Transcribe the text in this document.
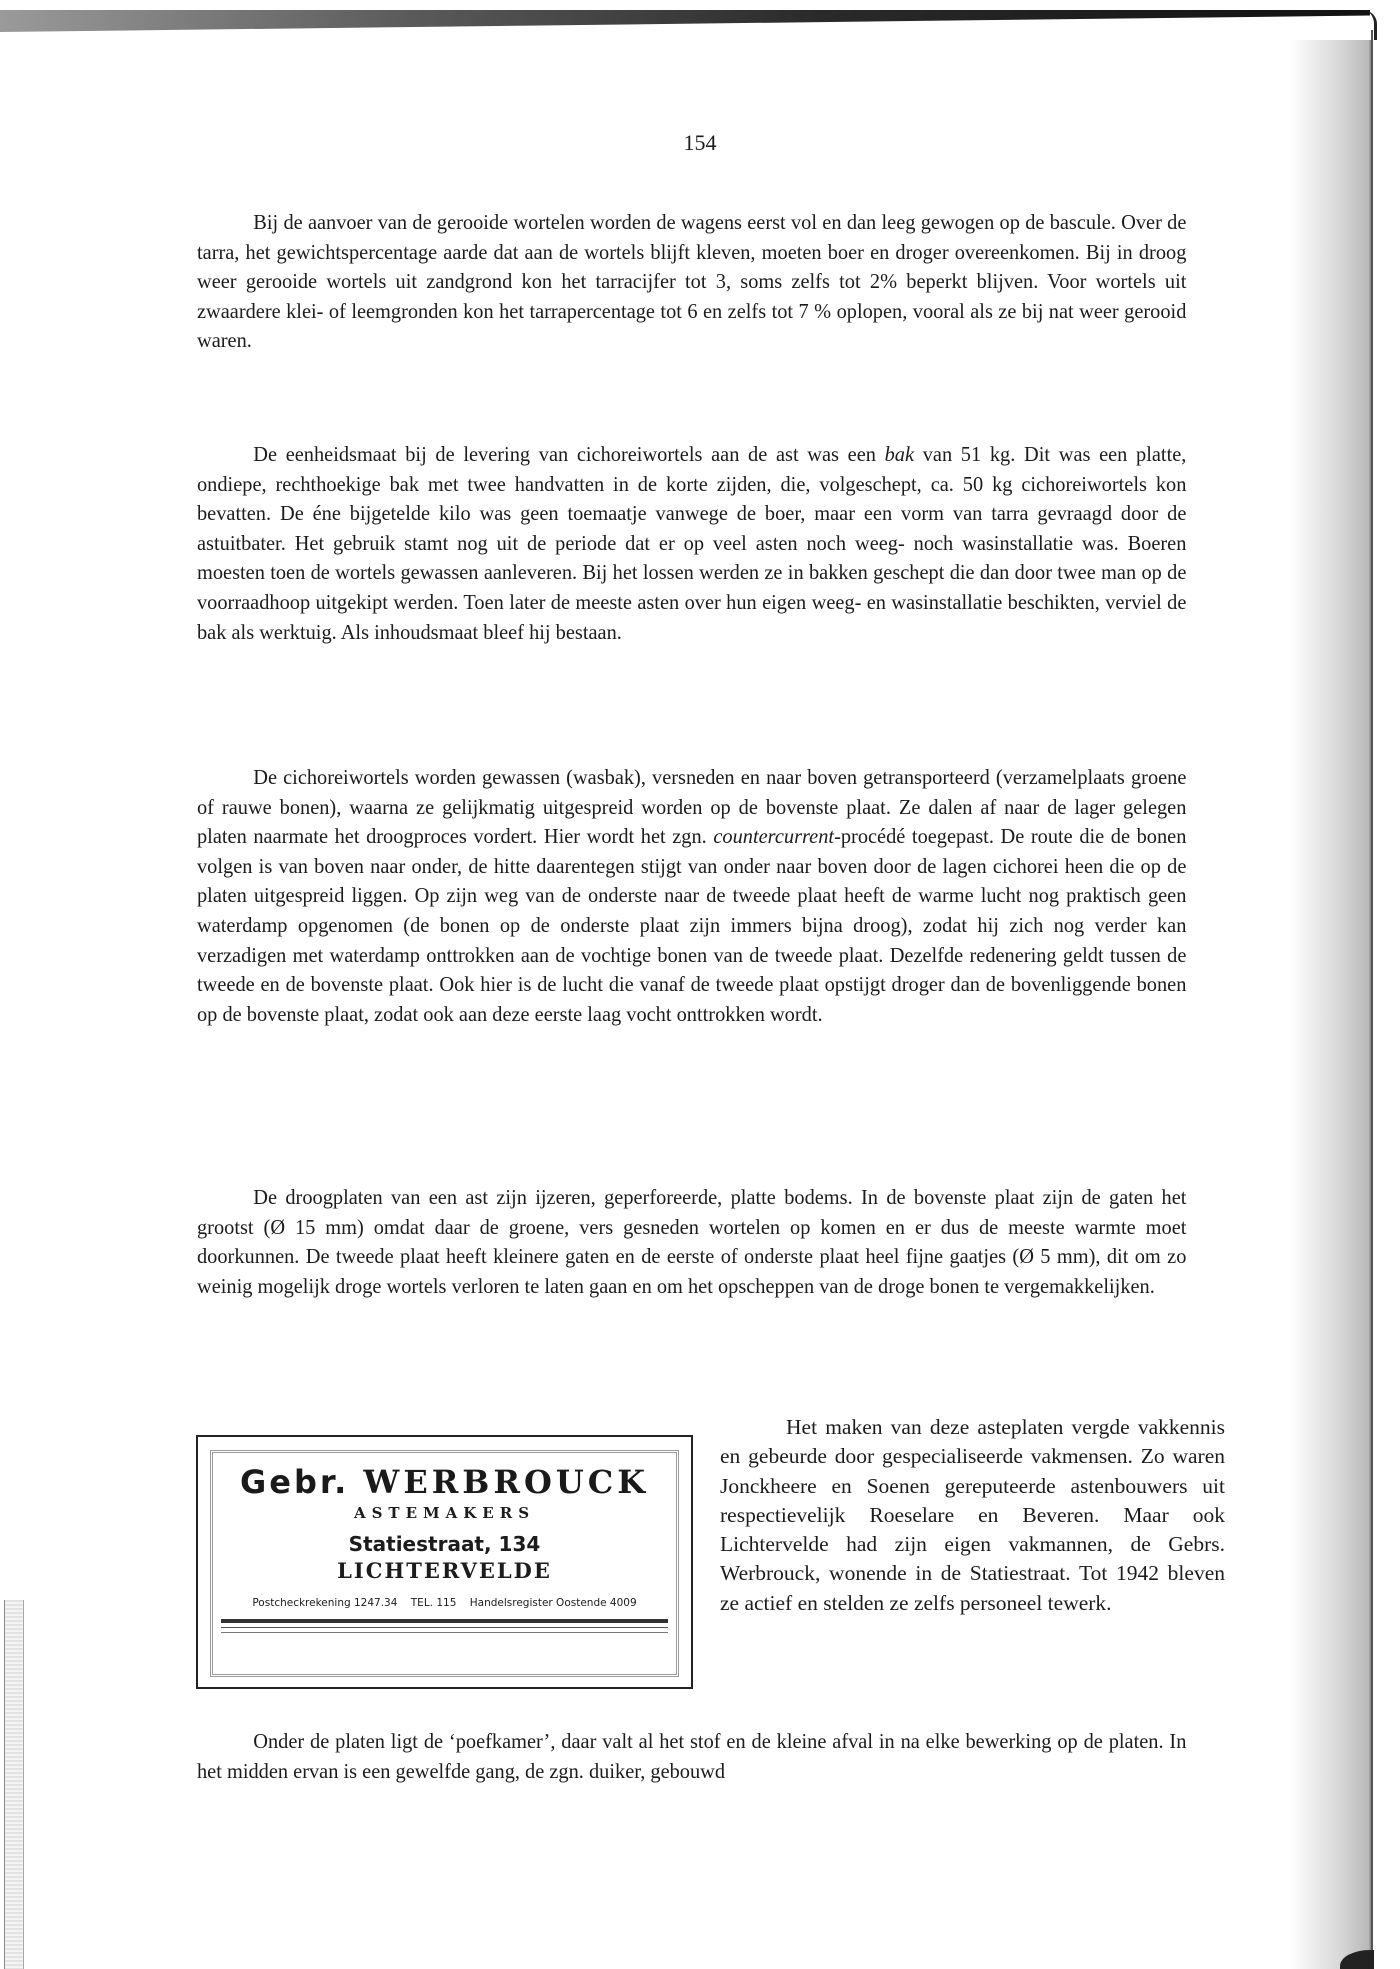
154

Bij de aanvoer van de gerooide wortelen worden de wagens eerst vol en dan leeg gewogen op de bascule. Over de tarra, het gewichtspercentage aarde dat aan de wortels blijft kleven, moeten boer en droger overeenkomen. Bij in droog weer gerooide wortels uit zandgrond kon het tarracijfer tot 3, soms zelfs tot 2% beperkt blijven. Voor wortels uit zwaardere klei- of leemgronden kon het tarrapercentage tot 6 en zelfs tot 7 % oplopen, vooral als ze bij nat weer gerooid waren.

De eenheidsmaat bij de levering van cichoreiwortels aan de ast was een bak van 51 kg. Dit was een platte, ondiepe, rechthoekige bak met twee handvatten in de korte zijden, die, volgeschept, ca. 50 kg cichoreiwortels kon bevatten. De éne bijgetelde kilo was geen toemaatje vanwege de boer, maar een vorm van tarra gevraagd door de astuitbater. Het gebruik stamt nog uit de periode dat er op veel asten noch weeg- noch wasinstallatie was. Boeren moesten toen de wortels gewassen aanleveren. Bij het lossen werden ze in bakken geschept die dan door twee man op de voorraadhoop uitgekipt werden. Toen later de meeste asten over hun eigen weeg- en wasinstallatie beschikten, verviel de bak als werktuig. Als inhoudsmaat bleef hij bestaan.

De cichoreiwortels worden gewassen (wasbak), versneden en naar boven getransporteerd (verzamelplaats groene of rauwe bonen), waarna ze gelijkmatig uitgespreid worden op de bovenste plaat. Ze dalen af naar de lager gelegen platen naarmate het droogproces vordert. Hier wordt het zgn. countercurrent-procédé toegepast. De route die de bonen volgen is van boven naar onder, de hitte daarentegen stijgt van onder naar boven door de lagen cichorei heen die op de platen uitgespreid liggen. Op zijn weg van de onderste naar de tweede plaat heeft de warme lucht nog praktisch geen waterdamp opgenomen (de bonen op de onderste plaat zijn immers bijna droog), zodat hij zich nog verder kan verzadigen met waterdamp onttrokken aan de vochtige bonen van de tweede plaat. Dezelfde redenering geldt tussen de tweede en de bovenste plaat. Ook hier is de lucht die vanaf de tweede plaat opstijgt droger dan de bovenliggende bonen op de bovenste plaat, zodat ook aan deze eerste laag vocht onttrokken wordt.

De droogplaten van een ast zijn ijzeren, geperforeerde, platte bodems. In de bovenste plaat zijn de gaten het grootst (Ø 15 mm) omdat daar de groene, vers gesneden wortelen op komen en er dus de meeste warmte moet doorkunnen. De tweede plaat heeft kleinere gaten en de eerste of onderste plaat heel fijne gaatjes (Ø 5 mm), dit om zo weinig mogelijk droge wortels verloren te laten gaan en om het opscheppen van de droge bonen te vergemakkelijken.

Gebr. WERBROUCK
ASTEMAKERS
Statiestraat, 134
LICHTERVELDE
Postcheckrekening 1247.34 TEL. 115 Handelsregister Oostende 4009

Het maken van deze asteplaten vergde vakkennis en gebeurde door gespecialiseerde vakmensen. Zo waren Jonckheere en Soenen gereputeerde astenbouwers uit respectievelijk Roeselare en Beveren. Maar ook Lichtervelde had zijn eigen vakmannen, de Gebrs. Werbrouck, wonende in de Statiestraat. Tot 1942 bleven ze actief en stelden ze zelfs personeel tewerk.

Onder de platen ligt de ‘poefkamer’, daar valt al het stof en de kleine afval in na elke bewerking op de platen. In het midden ervan is een gewelfde gang, de zgn. duiker, gebouwd
